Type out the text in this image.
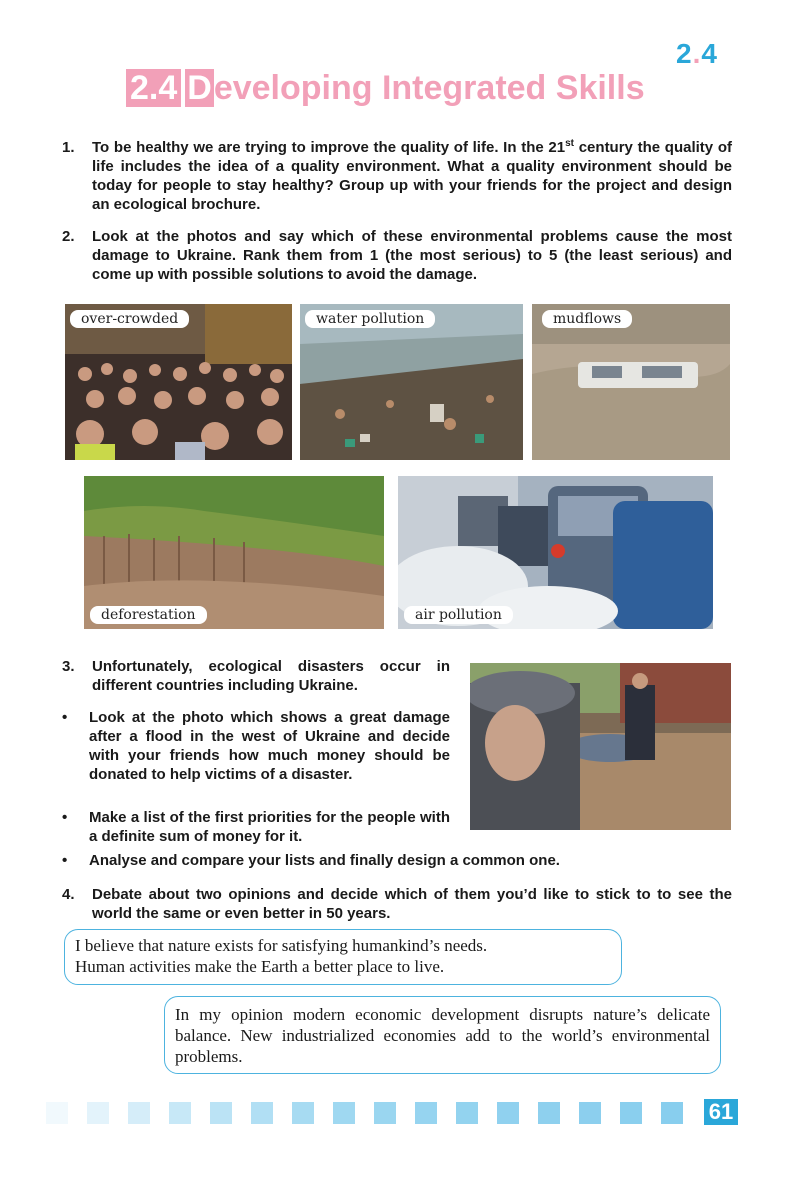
2.4
2.4 Developing Integrated Skills
1. To be healthy we are trying to improve the quality of life. In the 21st century the quality of life includes the idea of a quality environment. What a quality environment should be today for people to stay healthy? Group up with your friends for the project and design an ecological brochure.
2. Look at the photos and say which of these environmental problems cause the most damage to Ukraine. Rank them from 1 (the most serious) to 5 (the least serious) and come up with possible solutions to avoid the damage.
over-crowded	water pollution	mudflows
deforestation	air pollution
3. Unfortunately, ecological disasters occur in different countries including Ukraine.
• Look at the photo which shows a great damage after a flood in the west of Ukraine and decide with your friends how much money should be donated to help victims of a disaster.
• Make a list of the first priorities for the people with a definite sum of money for it.
• Analyse and compare your lists and finally design a common one.
4. Debate about two opinions and decide which of them you’d like to stick to to see the world the same or even better in 50 years.
I believe that nature exists for satisfying humankind’s needs.
Human activities make the Earth a better place to live.
In my opinion modern economic development disrupts nature’s delicate balance. New industrialized economies add to the world’s environmental problems.
61
